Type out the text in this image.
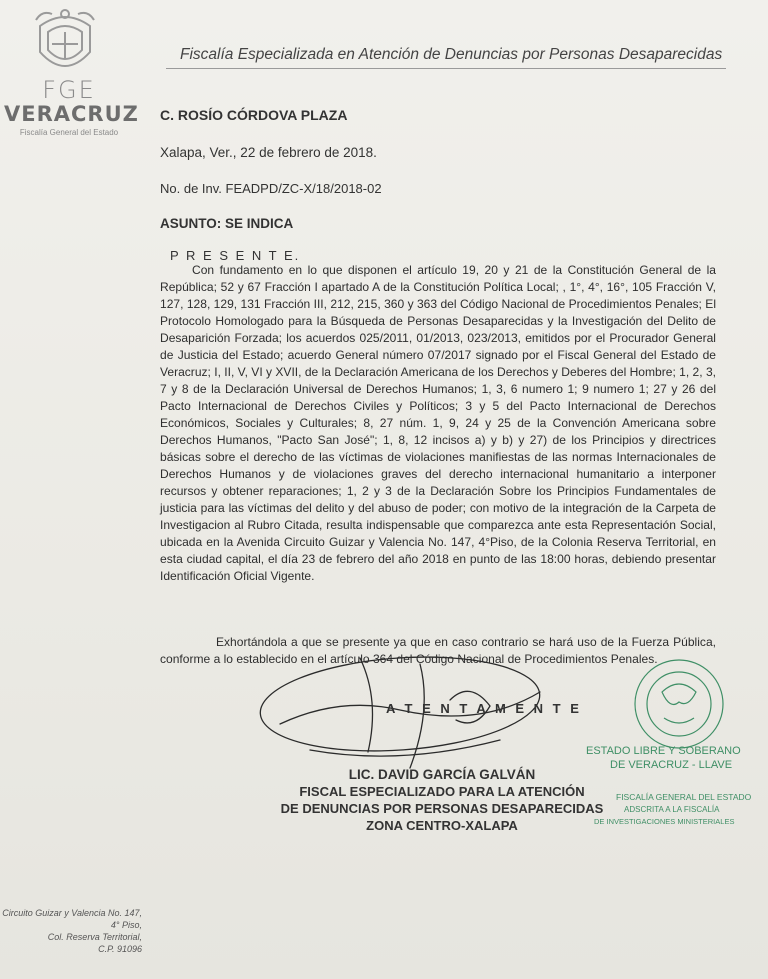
FGE
VERACRUZ
Fiscalía General del Estado
Fiscalía Especializada en Atención de Denuncias por Personas Desaparecidas
C. ROSÍO CÓRDOVA PLAZA
Xalapa, Ver., 22 de febrero de 2018.
No. de Inv. FEADPD/ZC-X/18/2018-02
ASUNTO: SE INDICA
P R E S E N T E.
Con fundamento en lo que disponen el artículo 19, 20 y 21 de la Constitución General de la República; 52 y 67 Fracción I apartado A de la Constitución Política Local; , 1°, 4°, 16°, 105 Fracción V, 127, 128, 129, 131 Fracción III, 212, 215, 360 y 363 del Código Nacional de Procedimientos Penales; El Protocolo Homologado para la Búsqueda de Personas Desaparecidas y la Investigación del Delito de Desaparición Forzada; los acuerdos 025/2011, 01/2013, 023/2013, emitidos por el Procurador General de Justicia del Estado; acuerdo General número 07/2017 signado por el Fiscal General del Estado de Veracruz; I, II, V, VI y XVII, de la Declaración Americana de los Derechos y Deberes del Hombre; 1, 2, 3, 7 y 8 de la Declaración Universal de Derechos Humanos; 1, 3, 6 numero 1; 9 numero 1; 27 y 26 del Pacto Internacional de Derechos Civiles y Políticos; 3 y 5 del Pacto Internacional de Derechos Económicos, Sociales y Culturales; 8, 27 núm. 1, 9, 24 y 25 de la Convención Americana sobre Derechos Humanos, "Pacto San José"; 1, 8, 12 incisos a) y b) y 27) de los Principios y directrices básicas sobre el derecho de las víctimas de violaciones manifiestas de las normas Internacionales de Derechos Humanos y de violaciones graves del derecho internacional humanitario a interponer recursos y obtener reparaciones; 1, 2 y 3 de la Declaración Sobre los Principios Fundamentales de justicia para las víctimas del delito y del abuso de poder; con motivo de la integración de la Carpeta de Investigacion al Rubro Citada, resulta indispensable que comparezca ante esta Representación Social, ubicada en la Avenida Circuito Guizar y Valencia No. 147, 4°Piso, de la Colonia Reserva Territorial, en esta ciudad capital, el día 23 de febrero del año 2018 en punto de las 18:00 horas, debiendo presentar Identificación Oficial Vigente.
Exhortándola a que se presente ya que en caso contrario se hará uso de la Fuerza Pública, conforme a lo establecido en el artículo 364 del Código Nacional de Procedimientos Penales.
A T E N T A M E N T E
LIC. DAVID GARCÍA GALVÁN
FISCAL ESPECIALIZADO PARA LA ATENCIÓN
DE DENUNCIAS POR PERSONAS DESAPARECIDAS
ZONA CENTRO-XALAPA
ESTADO LIBRE Y SOBERANO
DE VERACRUZ - LLAVE
FISCALÍA GENERAL DEL ESTADO
ADSCRITA A LA FISCALÍA
DE INVESTIGACIONES MINISTERIALES
Circuito Guizar y Valencia No. 147,
4° Piso,
Col. Reserva Territorial,
C.P. 91096
